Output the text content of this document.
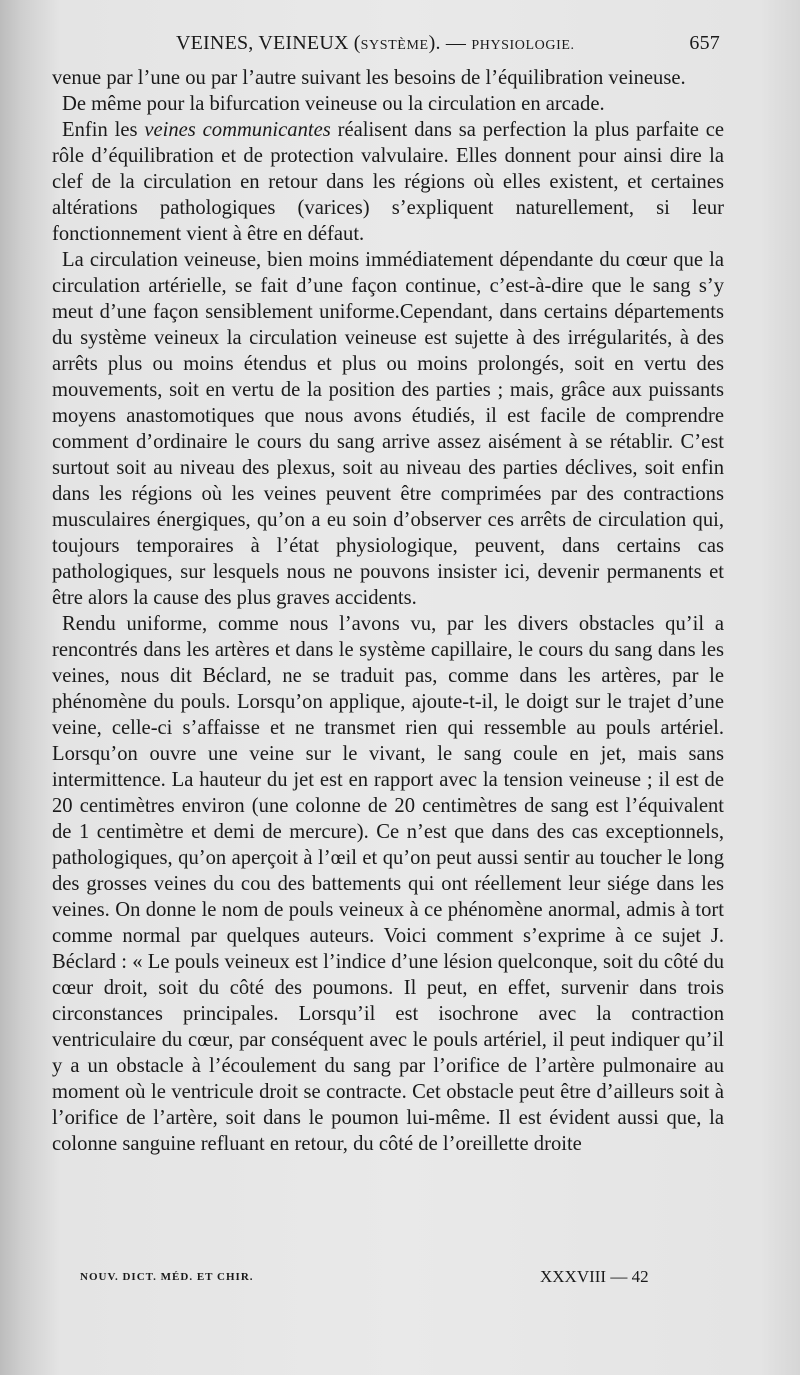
VEINES, VEINEUX (SYSTÈME). — PHYSIOLOGIE.	657

venue par l’une ou par l’autre suivant les besoins de l’équilibration veineuse.

De même pour la bifurcation veineuse ou la circulation en arcade.

Enfin les veines communicantes réalisent dans sa perfection la plus parfaite ce rôle d’équilibration et de protection valvulaire. Elles donnent pour ainsi dire la clef de la circulation en retour dans les régions où elles existent, et certaines altérations pathologiques (varices) s’expliquent naturellement, si leur fonctionnement vient à être en défaut.

La circulation veineuse, bien moins immédiatement dépendante du cœur que la circulation artérielle, se fait d’une façon continue, c’est-à-dire que le sang s’y meut d’une façon sensiblement uniforme.Cependant, dans certains départements du système veineux la circulation veineuse est sujette à des irrégularités, à des arrêts plus ou moins étendus et plus ou moins prolongés, soit en vertu des mouvements, soit en vertu de la position des parties ; mais, grâce aux puissants moyens anastomotiques que nous avons étudiés, il est facile de comprendre comment d’ordinaire le cours du sang arrive assez aisément à se rétablir. C’est surtout soit au niveau des plexus, soit au niveau des parties déclives, soit enfin dans les régions où les veines peuvent être comprimées par des contractions musculaires énergiques, qu’on a eu soin d’observer ces arrêts de circulation qui, toujours temporaires à l’état physiologique, peuvent, dans certains cas pathologiques, sur lesquels nous ne pouvons insister ici, devenir permanents et être alors la cause des plus graves accidents.

Rendu uniforme, comme nous l’avons vu, par les divers obstacles qu’il a rencontrés dans les artères et dans le système capillaire, le cours du sang dans les veines, nous dit Béclard, ne se traduit pas, comme dans les artères, par le phénomène du pouls. Lorsqu’on applique, ajoute-t-il, le doigt sur le trajet d’une veine, celle-ci s’affaisse et ne transmet rien qui ressemble au pouls artériel. Lorsqu’on ouvre une veine sur le vivant, le sang coule en jet, mais sans intermittence. La hauteur du jet est en rapport avec la tension veineuse ; il est de 20 centimètres environ (une colonne de 20 centimètres de sang est l’équivalent de 1 centimètre et demi de mercure). Ce n’est que dans des cas exceptionnels, pathologiques, qu’on aperçoit à l’œil et qu’on peut aussi sentir au toucher le long des grosses veines du cou des battements qui ont réellement leur siége dans les veines. On donne le nom de pouls veineux à ce phénomène anormal, admis à tort comme normal par quelques auteurs. Voici comment s’exprime à ce sujet J. Béclard : « Le pouls veineux est l’indice d’une lésion quelconque, soit du côté du cœur droit, soit du côté des poumons. Il peut, en effet, survenir dans trois circonstances principales. Lorsqu’il est isochrone avec la contraction ventriculaire du cœur, par conséquent avec le pouls artériel, il peut indiquer qu’il y a un obstacle à l’écoulement du sang par l’orifice de l’artère pulmonaire au moment où le ventricule droit se contracte. Cet obstacle peut être d’ailleurs soit à l’orifice de l’artère, soit dans le poumon lui-même. Il est évident aussi que, la colonne sanguine refluant en retour, du côté de l’oreillette droite

NOUV. DICT. MÉD. ET CHIR.	XXXVIII — 42
